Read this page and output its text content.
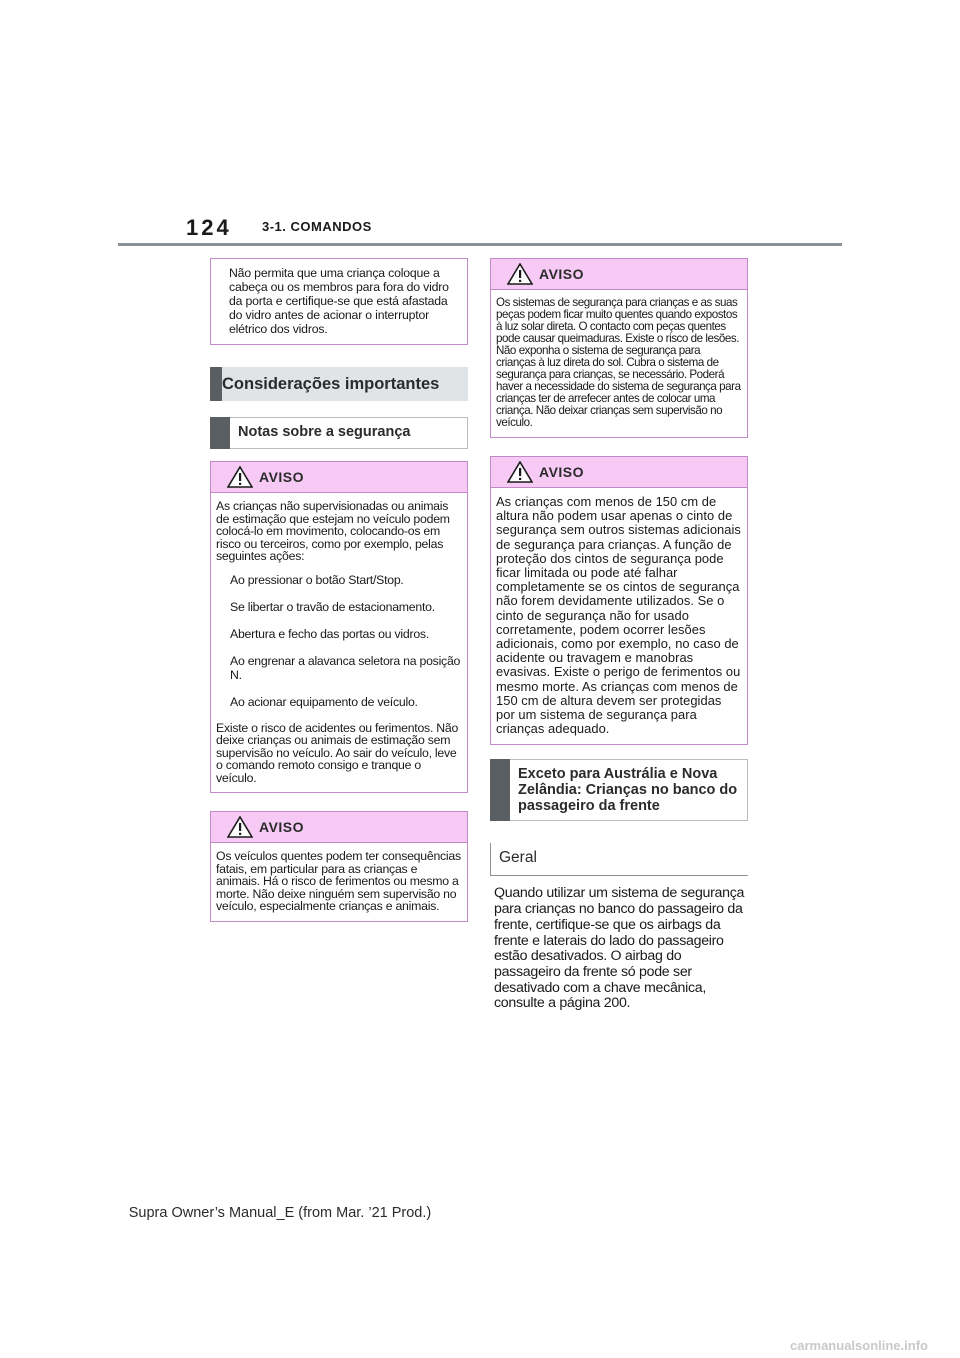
124 3-1. COMANDOS
Não permita que uma criança coloque a cabeça ou os membros para fora do vidro da porta e certifique-se que está afastada do vidro antes de acionar o interruptor elétrico dos vidros.
Considerações importantes
Notas sobre a segurança
AVISO

As crianças não supervisionadas ou animais de estimação que estejam no veículo podem colocá-lo em movimento, colocando-os em risco ou terceiros, como por exemplo, pelas seguintes ações:

Ao pressionar o botão Start/Stop.
Se libertar o travão de estacionamento.
Abertura e fecho das portas ou vidros.
Ao engrenar a alavanca seletora na posição N.
Ao acionar equipamento de veículo.

Existe o risco de acidentes ou ferimentos. Não deixe crianças ou animais de estimação sem supervisão no veículo. Ao sair do veículo, leve o comando remoto consigo e tranque o veículo.

AVISO

Os veículos quentes podem ter consequências fatais, em particular para as crianças e animais. Há o risco de ferimentos ou mesmo a morte. Não deixe ninguém sem supervisão no veículo, especialmente crianças e animais.

AVISO

Os sistemas de segurança para crianças e as suas peças podem ficar muito quentes quando expostos à luz solar direta. O contacto com peças quentes pode causar queimaduras. Existe o risco de lesões. Não exponha o sistema de segurança para crianças à luz direta do sol. Cubra o sistema de segurança para crianças, se necessário. Poderá haver a necessidade do sistema de segurança para crianças ter de arrefecer antes de colocar uma criança. Não deixar crianças sem supervisão no veículo.

AVISO

As crianças com menos de 150 cm de altura não podem usar apenas o cinto de segurança sem outros sistemas adicionais de segurança para crianças. A função de proteção dos cintos de segurança pode ficar limitada ou pode até falhar completamente se os cintos de segurança não forem devidamente utilizados. Se o cinto de segurança não for usado corretamente, podem ocorrer lesões adicionais, como por exemplo, no caso de acidente ou travagem e manobras evasivas. Existe o perigo de ferimentos ou mesmo morte. As crianças com menos de 150 cm de altura devem ser protegidas por um sistema de segurança para crianças adequado.

Exceto para Austrália e Nova Zelândia: Crianças no banco do passageiro da frente
Geral
Quando utilizar um sistema de segurança para crianças no banco do passageiro da frente, certifique-se que os airbags da frente e laterais do lado do passageiro estão desativados. O airbag do passageiro da frente só pode ser desativado com a chave mecânica, consulte a página 200.
Supra Owner’s Manual_E (from Mar. ’21 Prod.)
carmanualsonline.info
